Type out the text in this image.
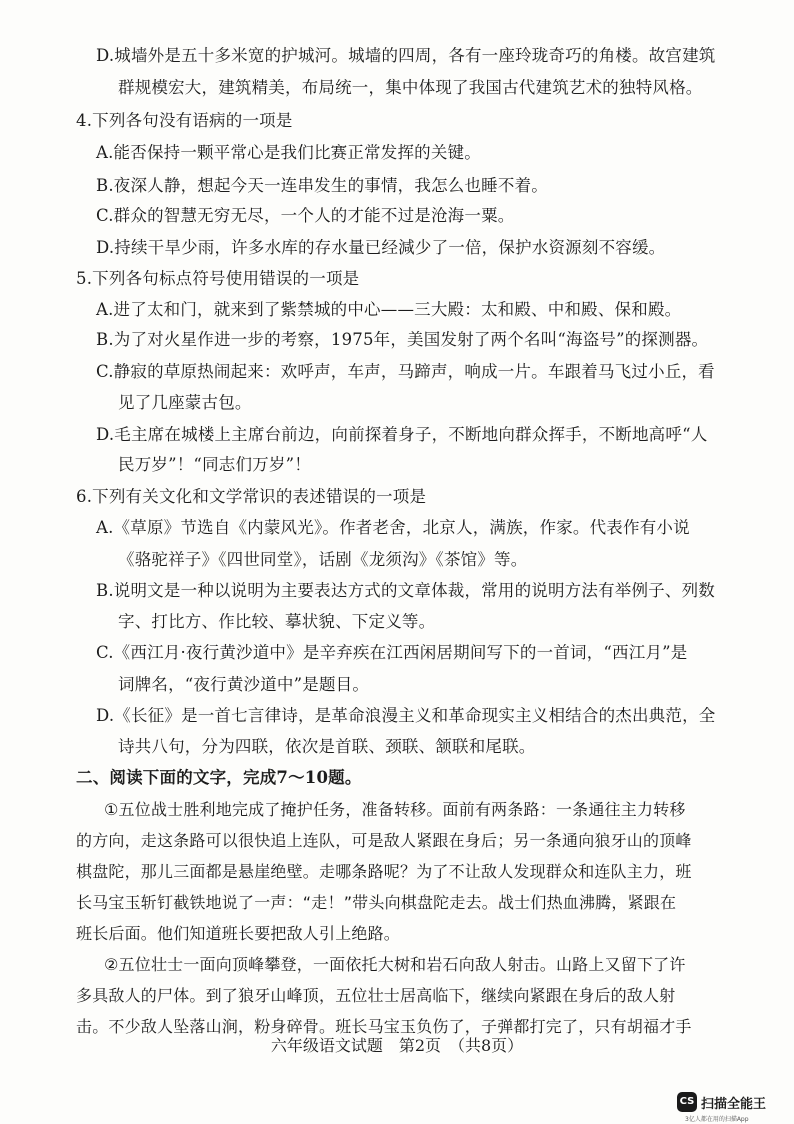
D.城墙外是五十多米宽的护城河。城墙的四周，各有一座玲珑奇巧的角楼。故宫建筑
群规模宏大，建筑精美，布局统一，集中体现了我国古代建筑艺术的独特风格。
4.下列各句没有语病的一项是
A.能否保持一颗平常心是我们比赛正常发挥的关键。
B.夜深人静，想起今天一连串发生的事情，我怎么也睡不着。
C.群众的智慧无穷无尽，一个人的才能不过是沧海一粟。
D.持续干旱少雨，许多水库的存水量已经減少了一倍，保护水资源刻不容缓。
5.下列各句标点符号使用错误的一项是
A.进了太和门，就来到了紫禁城的中心——三大殿：太和殿、中和殿、保和殿。
B.为了对火星作进一步的考察，1975年，美国发射了两个名叫“海盗号”的探测器。
C.静寂的草原热闹起来：欢呼声，车声，马蹄声，响成一片。车跟着马飞过小丘，看
见了几座蒙古包。
D.毛主席在城楼上主席台前边，向前探着身子，不断地向群众挥手，不断地高呼“人
民万岁”！“同志们万岁”！
6.下列有关文化和文学常识的表述错误的一项是
A.《草原》节选自《内蒙风光》。作者老舍，北京人，满族，作家。代表作有小说
《骆驼祥子》《四世同堂》，话剧《龙须沟》《茶馆》等。
B.说明文是一种以说明为主要表达方式的文章体裁，常用的说明方法有举例子、列数
字、打比方、作比较、摹状貌、下定义等。
C.《西江月·夜行黄沙道中》是辛弃疾在江西闲居期间写下的一首词，“西江月”是
词牌名，“夜行黄沙道中”是题目。
D.《长征》是一首七言律诗，是革命浪漫主义和革命现实主义相结合的杰出典范，全
诗共八句，分为四联，依次是首联、颈联、颔联和尾联。
二、阅读下面的文字，完成7～10题。
①五位战士胜利地完成了掩护任务，准备转移。面前有两条路：一条通往主力转移
的方向，走这条路可以很快追上连队，可是敌人紧跟在身后；另一条通向狼牙山的顶峰
棋盘陀，那儿三面都是悬崖绝壁。走哪条路呢？为了不让敌人发现群众和连队主力，班
长马宝玉斩钉截铁地说了一声：“走！”带头向棋盘陀走去。战士们热血沸腾，紧跟在
班长后面。他们知道班长要把敌人引上绝路。
②五位壮士一面向顶峰攀登，一面依托大树和岩石向敌人射击。山路上又留下了许
多具敌人的尸体。到了狼牙山峰顶，五位壮士居高临下，继续向紧跟在身后的敌人射
击。不少敌人坠落山涧，粉身碎骨。班长马宝玉负伤了，子弹都打完了，只有胡福才手
六年级语文试题　第2页　（共8页）
CS 扫描全能王
3亿人都在用的扫描App
